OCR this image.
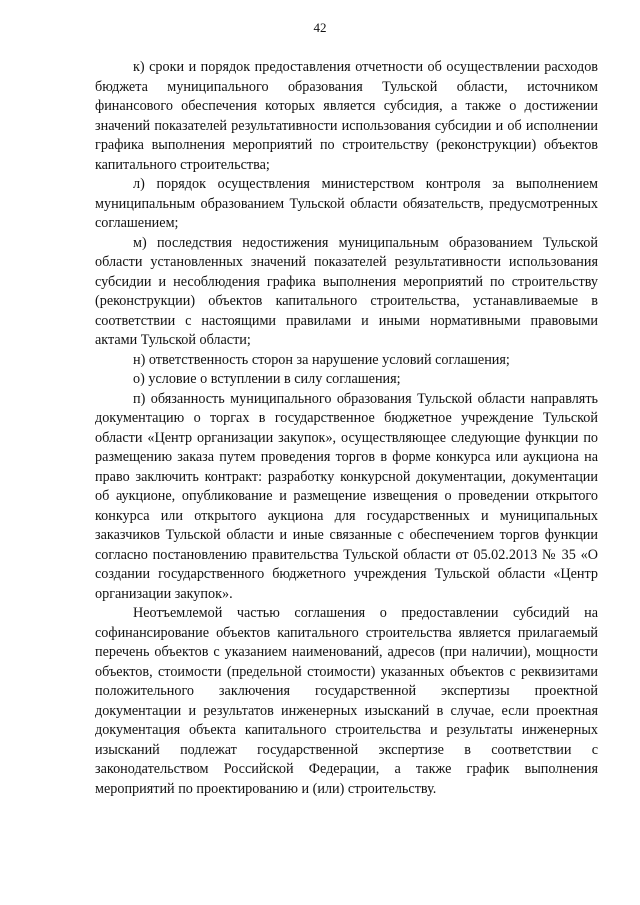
42

к) сроки и порядок предоставления отчетности об осуществлении расходов бюджета муниципального образования Тульской области, источником финансового обеспечения которых является субсидия, а также о достижении значений показателей результативности использования субсидии и об исполнении графика выполнения мероприятий по строительству (реконструкции) объектов капитального строительства;

л) порядок осуществления министерством контроля за выполнением муниципальным образованием Тульской области обязательств, предусмотренных соглашением;

м) последствия недостижения муниципальным образованием Тульской области установленных значений показателей результативности использования субсидии и несоблюдения графика выполнения мероприятий по строительству (реконструкции) объектов капитального строительства, устанавливаемые в соответствии с настоящими правилами и иными нормативными правовыми актами Тульской области;

н) ответственность сторон за нарушение условий соглашения;

о) условие о вступлении в силу соглашения;

п) обязанность муниципального образования Тульской области направлять документацию о торгах в государственное бюджетное учреждение Тульской области «Центр организации закупок», осуществляющее следующие функции по размещению заказа путем проведения торгов в форме конкурса или аукциона на право заключить контракт: разработку конкурсной документации, документации об аукционе, опубликование и размещение извещения о проведении открытого конкурса или открытого аукциона для государственных и муниципальных заказчиков Тульской области и иные связанные с обеспечением торгов функции согласно постановлению правительства Тульской области от 05.02.2013 № 35 «О создании государственного бюджетного учреждения Тульской области «Центр организации закупок».

Неотъемлемой частью соглашения о предоставлении субсидий на софинансирование объектов капитального строительства является прилагаемый перечень объектов с указанием наименований, адресов (при наличии), мощности объектов, стоимости (предельной стоимости) указанных объектов с реквизитами положительного заключения государственной экспертизы проектной документации и результатов инженерных изысканий в случае, если проектная документация объекта капитального строительства и результаты инженерных изысканий подлежат государственной экспертизе в соответствии с законодательством Российской Федерации, а также график выполнения мероприятий по проектированию и (или) строительству.
